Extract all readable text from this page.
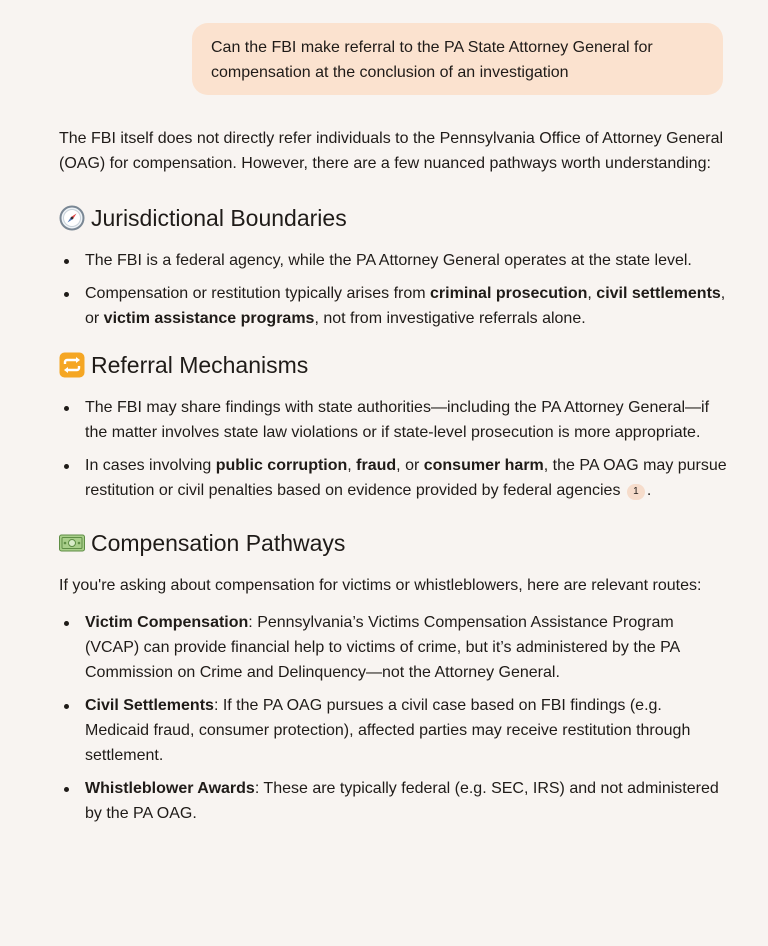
Can the FBI make referral to the PA State Attorney General for compensation at the conclusion of an investigation

The FBI itself does not directly refer individuals to the Pennsylvania Office of Attorney General (OAG) for compensation. However, there are a few nuanced pathways worth understanding:

Jurisdictional Boundaries
The FBI is a federal agency, while the PA Attorney General operates at the state level.
Compensation or restitution typically arises from criminal prosecution, civil settlements, or victim assistance programs, not from investigative referrals alone.
Referral Mechanisms
The FBI may share findings with state authorities—including the PA Attorney General—if the matter involves state law violations or if state-level prosecution is more appropriate.
In cases involving public corruption, fraud, or consumer harm, the PA OAG may pursue restitution or civil penalties based on evidence provided by federal agencies 1 .
Compensation Pathways

If you're asking about compensation for victims or whistleblowers, here are relevant routes:

Victim Compensation: Pennsylvania’s Victims Compensation Assistance Program (VCAP) can provide financial help to victims of crime, but it’s administered by the PA Commission on Crime and Delinquency—not the Attorney General.
Civil Settlements: If the PA OAG pursues a civil case based on FBI findings (e.g. Medicaid fraud, consumer protection), affected parties may receive restitution through settlement.
Whistleblower Awards: These are typically federal (e.g. SEC, IRS) and not administered by the PA OAG.
